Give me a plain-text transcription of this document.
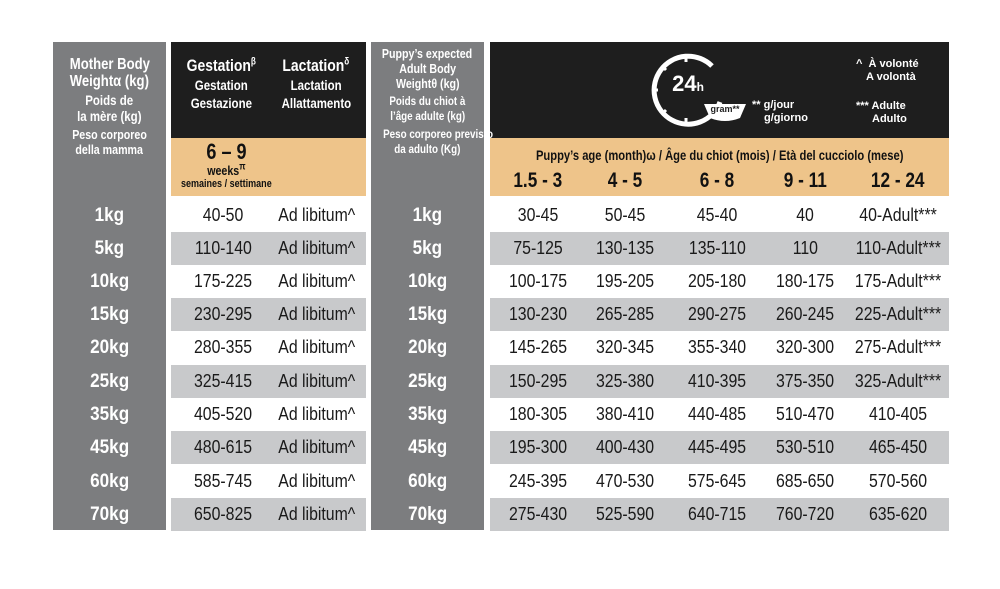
Mother Body
Weightα (kg)
Poids de
la mère (kg)
Peso corporeo
della mamma
Gestation$^\beta$
Gestation
Gestazione
Lactation$^\delta$
Lactation
Allattamento
6 – 9
weeks$^\pi$
semaines / settimane
Puppy’s expected
Adult Body
Weightθ (kg)
Poids du chiot à
l’âge adulte (kg)
Peso corporeo previsto
da adulto (Kg)
24h
gram**	** g/jour
g/giorno
^  À volonté
A volontà
*** Adulte
Adulto
Puppy’s age (month)ω / Âge du chiot (mois) / Età del cucciolo (mese)
1.5 - 3	4 - 5	6 - 8	9 - 11	12 - 24
1kg	40-50	Ad libitum^	1kg	30-45	50-45	45-40	40	40-Adult***
5kg	110-140	Ad libitum^	5kg	75-125	130-135	135-110	110	110-Adult***
10kg	175-225	Ad libitum^	10kg	100-175	195-205	205-180	180-175	175-Adult***
15kg	230-295	Ad libitum^	15kg	130-230	265-285	290-275	260-245	225-Adult***
20kg	280-355	Ad libitum^	20kg	145-265	320-345	355-340	320-300	275-Adult***
25kg	325-415	Ad libitum^	25kg	150-295	325-380	410-395	375-350	325-Adult***
35kg	405-520	Ad libitum^	35kg	180-305	380-410	440-485	510-470	410-405
45kg	480-615	Ad libitum^	45kg	195-300	400-430	445-495	530-510	465-450
60kg	585-745	Ad libitum^	60kg	245-395	470-530	575-645	685-650	570-560
70kg	650-825	Ad libitum^	70kg	275-430	525-590	640-715	760-720	635-620
